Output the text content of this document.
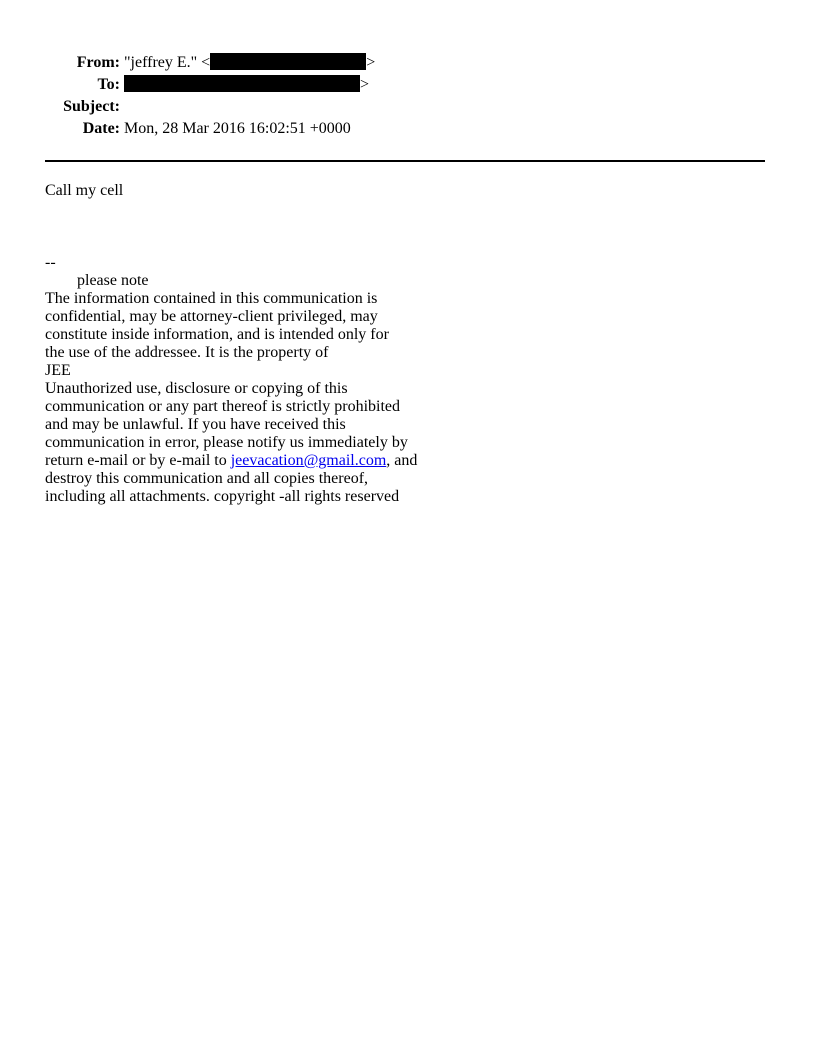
From: "jeffrey E." <	>
To:	>
Subject:
Date: Mon, 28 Mar 2016 16:02:51 +0000
Call my cell
--
please note
The information contained in this communication is
confidential, may be attorney-client privileged, may
constitute inside information, and is intended only for
the use of the addressee. It is the property of
JEE
Unauthorized use, disclosure or copying of this
communication or any part thereof is strictly prohibited
and may be unlawful. If you have received this
communication in error, please notify us immediately by
return e-mail or by e-mail to jeevacation@gmail.com, and
destroy this communication and all copies thereof,
including all attachments. copyright -all rights reserved
